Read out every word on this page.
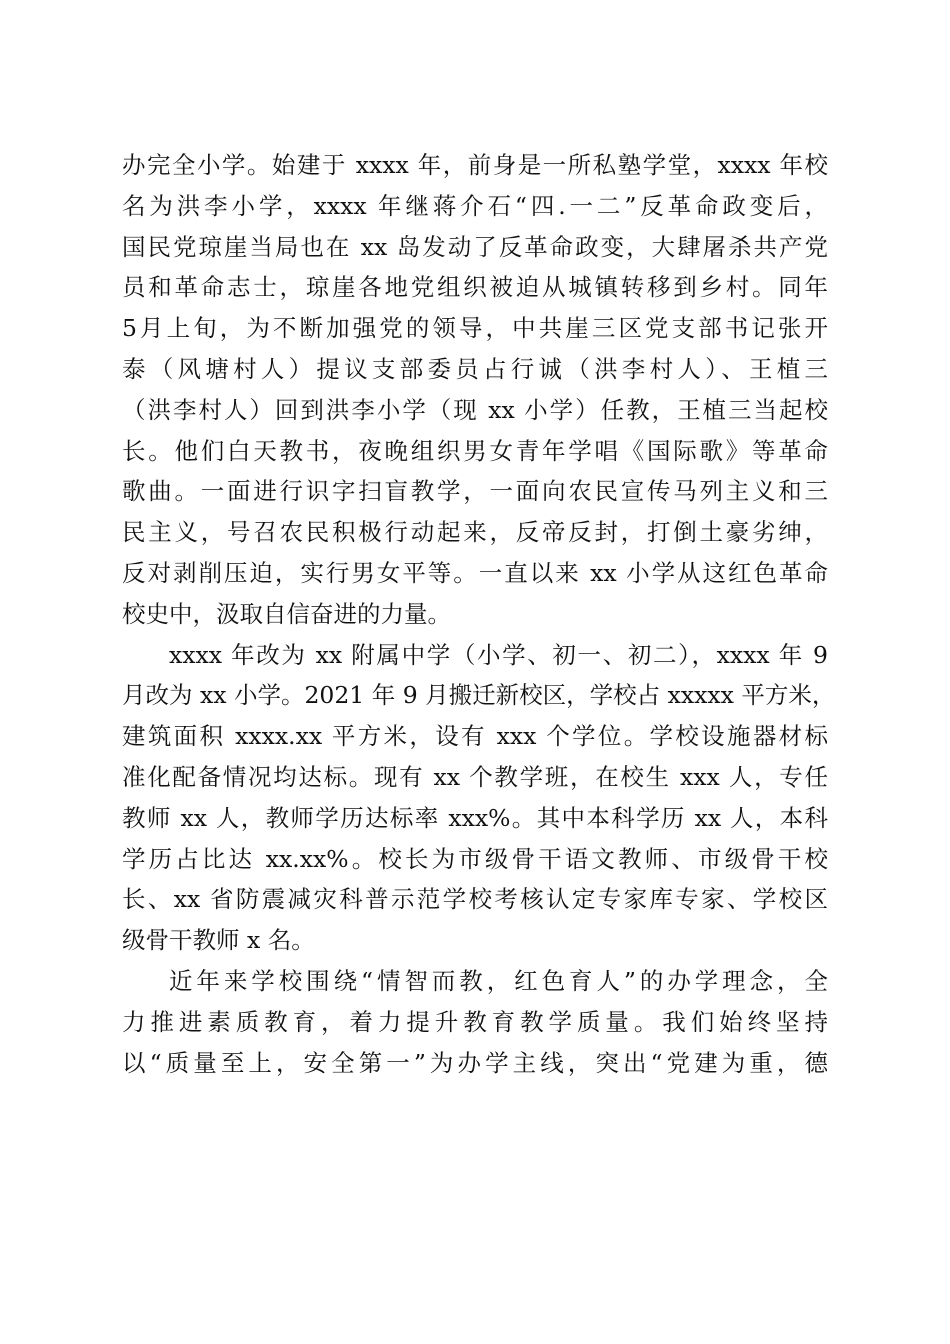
办完全小学。始建于 xxxx 年，前身是一所私塾学堂，xxxx 年校
名为洪李小学，xxxx 年继蒋介石“四.一二”反革命政变后，
国民党琼崖当局也在 xx 岛发动了反革命政变，大肆屠杀共产党
员和革命志士，琼崖各地党组织被迫从城镇转移到乡村。同年
5月上旬，为不断加强党的领导，中共崖三区党支部书记张开
泰（风塘村人）提议支部委员占行诚（洪李村人）、王植三
（洪李村人）回到洪李小学（现 xx 小学）任教，王植三当起校
长。他们白天教书，夜晚组织男女青年学唱《国际歌》等革命
歌曲。一面进行识字扫盲教学，一面向农民宣传马列主义和三
民主义，号召农民积极行动起来，反帝反封，打倒土豪劣绅，
反对剥削压迫，实行男女平等。一直以来 xx 小学从这红色革命
校史中，汲取自信奋进的力量。
xxxx 年改为 xx 附属中学（小学、初一、初二），xxxx 年 9
月改为 xx 小学。2021 年 9 月搬迁新校区，学校占 xxxxx 平方米，
建筑面积 xxxx.xx 平方米，设有 xxx 个学位。学校设施器材标
准化配备情况均达标。现有 xx 个教学班，在校生 xxx 人，专任
教师 xx 人，教师学历达标率 xxx%。其中本科学历 xx 人，本科
学历占比达 xx.xx%。校长为市级骨干语文教师、市级骨干校
长、xx 省防震减灾科普示范学校考核认定专家库专家、学校区
级骨干教师 x 名。
近年来学校围绕“情智而教，红色育人”的办学理念，全
力推进素质教育，着力提升教育教学质量。我们始终坚持
以“质量至上，安全第一”为办学主线，突出“党建为重，德
